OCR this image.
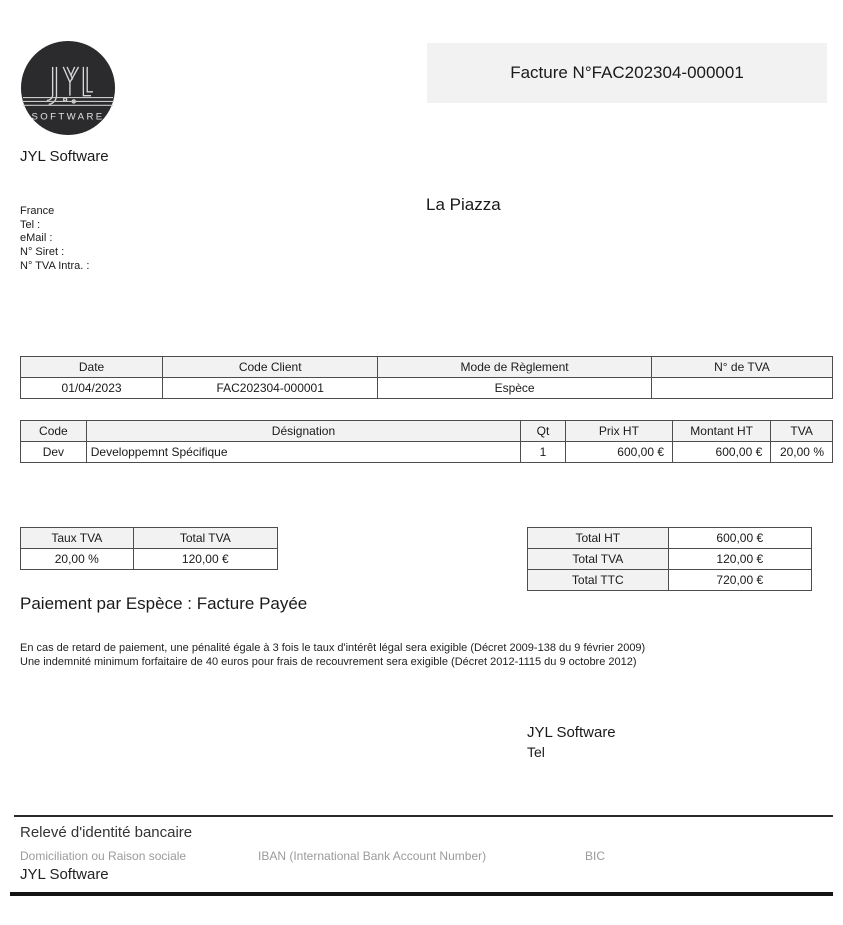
SOFTWARE
JYL Software
France
Tel :
eMail :
N° Siret :
N° TVA Intra. :
Facture N°FAC202304-000001
La Piazza
Date	Code Client	Mode de Règlement	N° de TVA
01/04/2023	FAC202304-000001	Espèce	
Code	Désignation	Qt	Prix HT	Montant HT	TVA
Dev	Developpemnt Spécifique	1	600,00 €	600,00 €	20,00 %
Taux TVA	Total TVA
20,00 %	120,00 €
Total HT	600,00 €
Total TVA	120,00 €
Total TTC	720,00 €
Paiement par Espèce : Facture Payée
En cas de retard de paiement, une pénalité égale à 3 fois le taux d'intérêt légal sera exigible (Décret 2009-138 du 9 février 2009)
Une indemnité minimum forfaitaire de 40 euros pour frais de recouvrement sera exigible (Décret 2012-1115 du 9 octobre 2012)
JYL Software
Tel
Relevé d'identité bancaire
Domiciliation ou Raison sociale	IBAN (International Bank Account Number)	BIC
JYL Software
